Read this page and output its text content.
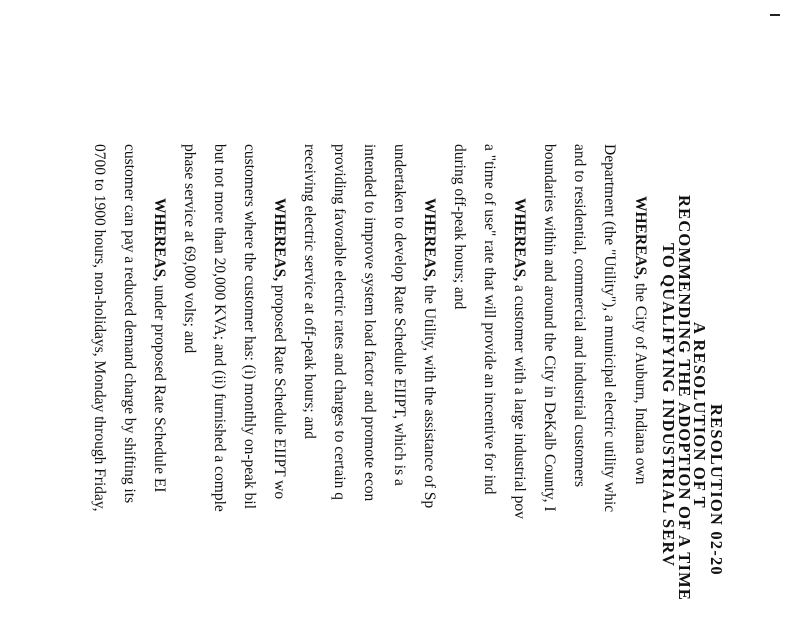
RESOLUTION 02-20
A RESOLUTION OF T
RECOMMENDING THE ADOPTION OF A TIME
TO QUALIFYING INDUSTRIAL SERV
WHEREAS, the City of Auburn, Indiana own
Department (the "Utility"), a municipal electric utility whic
and to residential, commercial and industrial customers
boundaries within and around the City in DeKalb County, I
WHEREAS, a customer with a large industrial pov
a "time of use" rate that will provide an incentive for ind
during off-peak hours; and
WHEREAS, the Utility, with the assistance of Sp
undertaken to develop Rate Schedule EIIPT, which is a
intended to improve system load factor and promote econ
providing favorable electric rates and charges to certain q
receiving electric service at off-peak hours; and
WHEREAS, proposed Rate Schedule EIIPT wo
customers where the customer has: (i) monthly on-peak bil
but not more than 20,000 KVA; and (ii) furnished a comple
phase service at 69,000 volts; and
WHEREAS, under proposed Rate Schedule EI
customer can pay a reduced demand charge by shifting its
0700 to 1900 hours, non-holidays, Monday through Friday,
